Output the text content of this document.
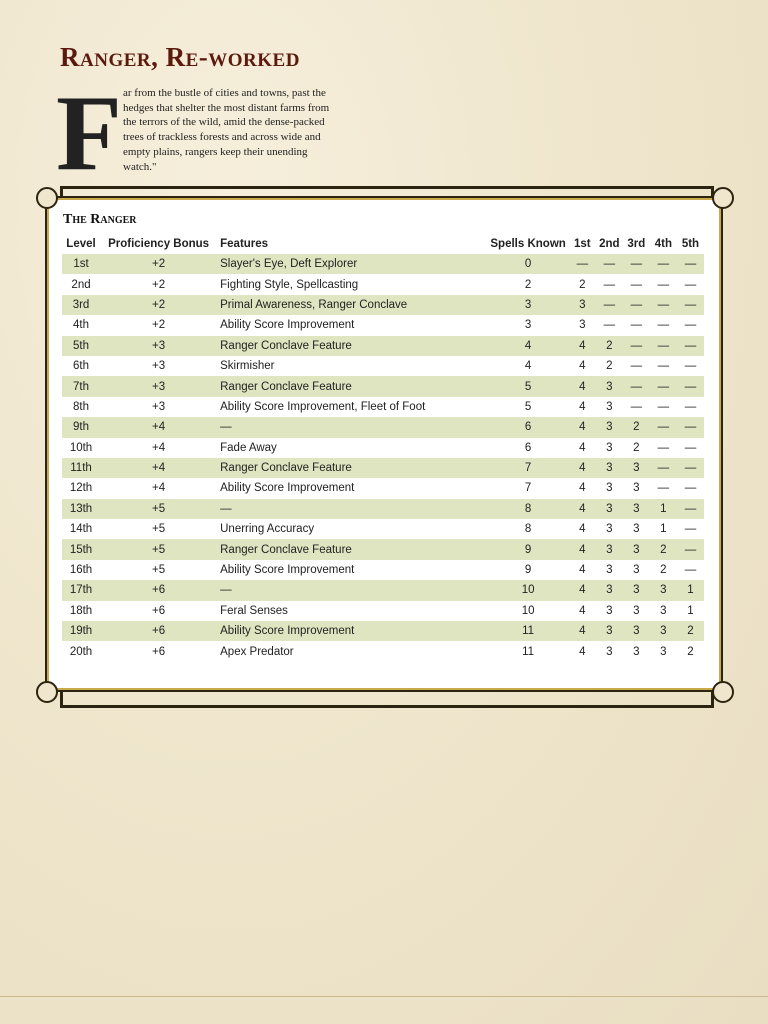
Ranger, Re-worked
F ar from the bustle of cities and towns, past the
hedges that shelter the most distant farms from
the terrors of the wild, amid the dense-packed
trees of trackless forests and across wide and
empty plains, rangers keep their unending
watch."
The Ranger
Level	Proficiency Bonus	Features	Spells Known	1st	2nd	3rd	4th	5th
1st	+2	Slayer's Eye, Deft Explorer	0	—	—	—	—	—
2nd	+2	Fighting Style, Spellcasting	2	2	—	—	—	—
3rd	+2	Primal Awareness, Ranger Conclave	3	3	—	—	—	—
4th	+2	Ability Score Improvement	3	3	—	—	—	—
5th	+3	Ranger Conclave Feature	4	4	2	—	—	—
6th	+3	Skirmisher	4	4	2	—	—	—
7th	+3	Ranger Conclave Feature	5	4	3	—	—	—
8th	+3	Ability Score Improvement, Fleet of Foot	5	4	3	—	—	—
9th	+4	—	6	4	3	2	—	—
10th	+4	Fade Away	6	4	3	2	—	—
11th	+4	Ranger Conclave Feature	7	4	3	3	—	—
12th	+4	Ability Score Improvement	7	4	3	3	—	—
13th	+5	—	8	4	3	3	1	—
14th	+5	Unerring Accuracy	8	4	3	3	1	—
15th	+5	Ranger Conclave Feature	9	4	3	3	2	—
16th	+5	Ability Score Improvement	9	4	3	3	2	—
17th	+6	—	10	4	3	3	3	1
18th	+6	Feral Senses	10	4	3	3	3	1
19th	+6	Ability Score Improvement	11	4	3	3	3	2
20th	+6	Apex Predator	11	4	3	3	3	2
